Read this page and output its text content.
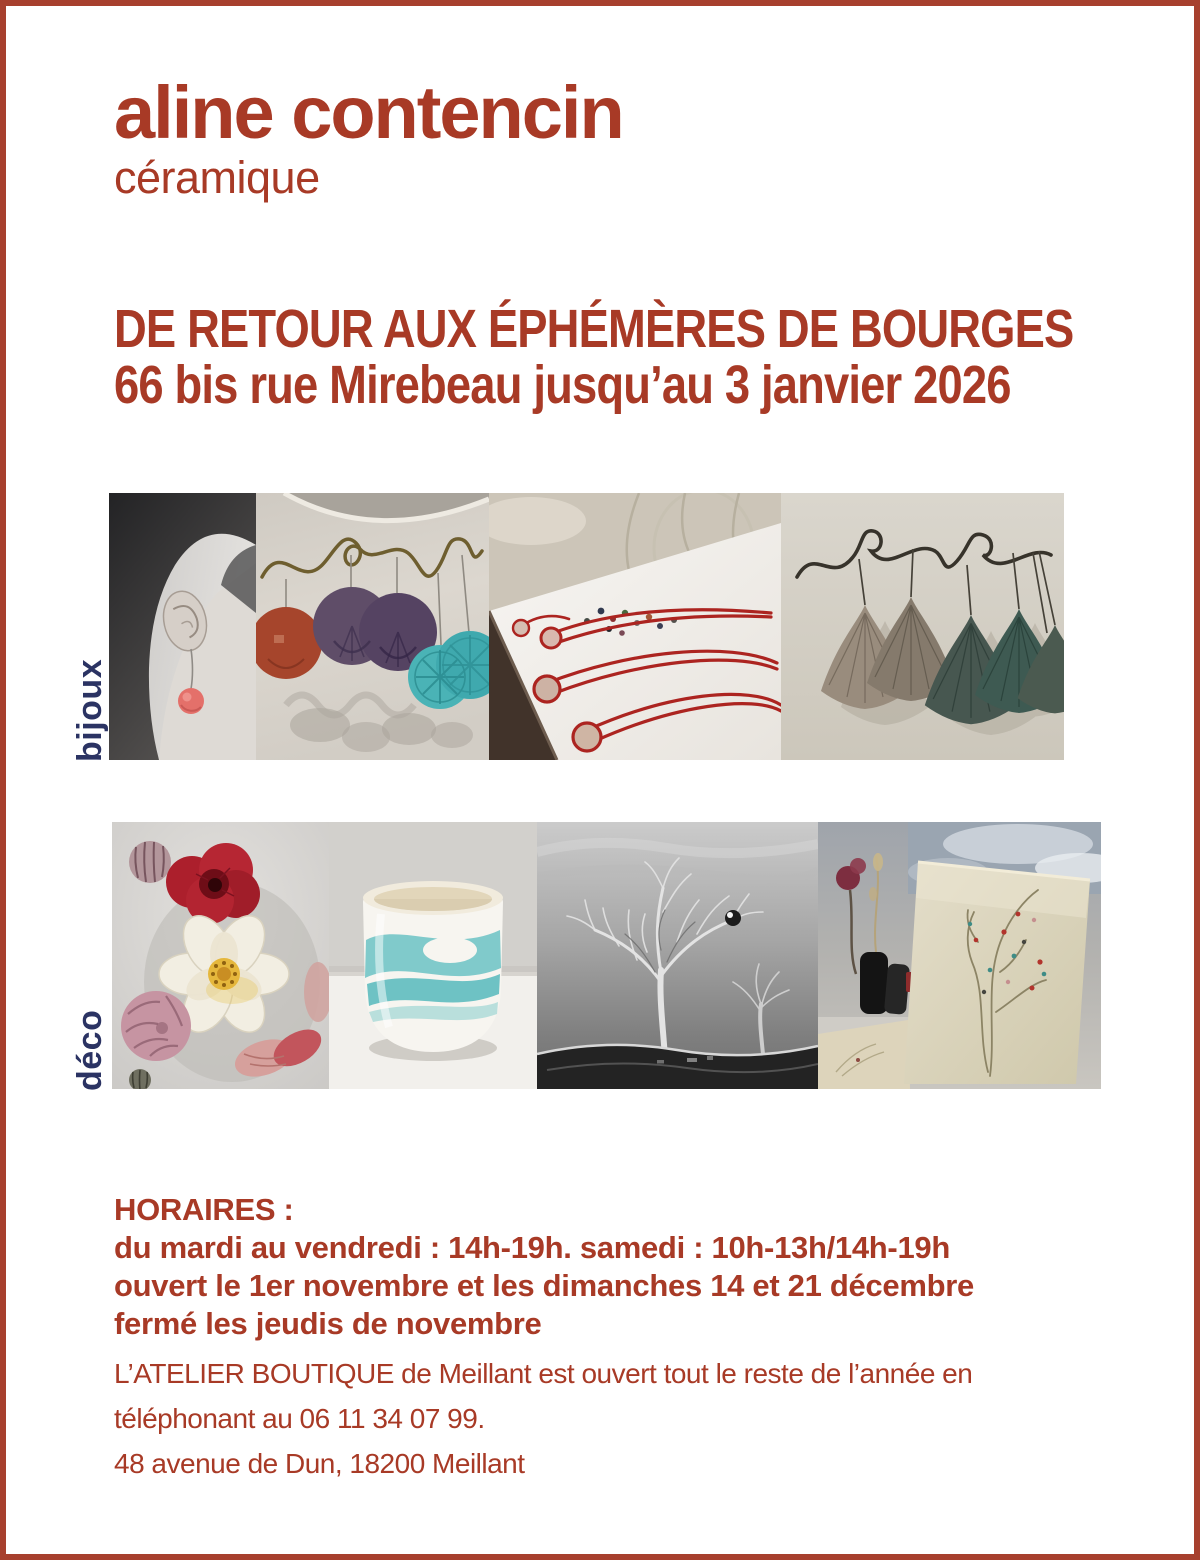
aline contencin
céramique
DE RETOUR AUX ÉPHÉMÈRES DE BOURGES
66 bis rue Mirebeau jusqu’au 3 janvier 2026
bijoux
déco
HORAIRES :
du mardi au vendredi : 14h-19h. samedi : 10h-13h/14h-19h
ouvert le 1er novembre et les dimanches 14 et 21 décembre
fermé les jeudis de novembre
L’ATELIER BOUTIQUE de Meillant est ouvert tout le reste de l’année en
téléphonant au 06 11 34 07 99.
48 avenue de Dun, 18200 Meillant
